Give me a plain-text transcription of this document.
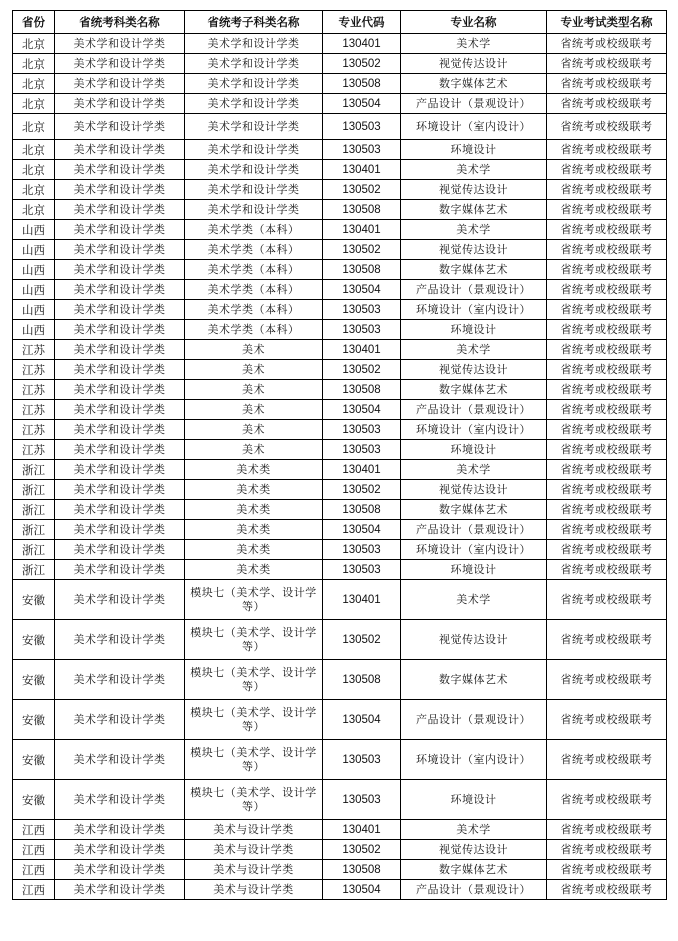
省份	省统考科类名称	省统考子科类名称	专业代码	专业名称	专业考试类型名称
北京	美术学和设计学类	美术学和设计学类	130401	美术学	省统考或校级联考
北京	美术学和设计学类	美术学和设计学类	130502	视觉传达设计	省统考或校级联考
北京	美术学和设计学类	美术学和设计学类	130508	数字媒体艺术	省统考或校级联考
北京	美术学和设计学类	美术学和设计学类	130504	产品设计（景观设计）	省统考或校级联考
北京	美术学和设计学类	美术学和设计学类	130503	环境设计（室内设计）	省统考或校级联考
北京	美术学和设计学类	美术学和设计学类	130503	环境设计	省统考或校级联考
北京	美术学和设计学类	美术学和设计学类	130401	美术学	省统考或校级联考
北京	美术学和设计学类	美术学和设计学类	130502	视觉传达设计	省统考或校级联考
北京	美术学和设计学类	美术学和设计学类	130508	数字媒体艺术	省统考或校级联考
山西	美术学和设计学类	美术学类（本科）	130401	美术学	省统考或校级联考
山西	美术学和设计学类	美术学类（本科）	130502	视觉传达设计	省统考或校级联考
山西	美术学和设计学类	美术学类（本科）	130508	数字媒体艺术	省统考或校级联考
山西	美术学和设计学类	美术学类（本科）	130504	产品设计（景观设计）	省统考或校级联考
山西	美术学和设计学类	美术学类（本科）	130503	环境设计（室内设计）	省统考或校级联考
山西	美术学和设计学类	美术学类（本科）	130503	环境设计	省统考或校级联考
江苏	美术学和设计学类	美术	130401	美术学	省统考或校级联考
江苏	美术学和设计学类	美术	130502	视觉传达设计	省统考或校级联考
江苏	美术学和设计学类	美术	130508	数字媒体艺术	省统考或校级联考
江苏	美术学和设计学类	美术	130504	产品设计（景观设计）	省统考或校级联考
江苏	美术学和设计学类	美术	130503	环境设计（室内设计）	省统考或校级联考
江苏	美术学和设计学类	美术	130503	环境设计	省统考或校级联考
浙江	美术学和设计学类	美术类	130401	美术学	省统考或校级联考
浙江	美术学和设计学类	美术类	130502	视觉传达设计	省统考或校级联考
浙江	美术学和设计学类	美术类	130508	数字媒体艺术	省统考或校级联考
浙江	美术学和设计学类	美术类	130504	产品设计（景观设计）	省统考或校级联考
浙江	美术学和设计学类	美术类	130503	环境设计（室内设计）	省统考或校级联考
浙江	美术学和设计学类	美术类	130503	环境设计	省统考或校级联考
安徽	美术学和设计学类	模块七（美术学、设计学等）	130401	美术学	省统考或校级联考
安徽	美术学和设计学类	模块七（美术学、设计学等）	130502	视觉传达设计	省统考或校级联考
安徽	美术学和设计学类	模块七（美术学、设计学等）	130508	数字媒体艺术	省统考或校级联考
安徽	美术学和设计学类	模块七（美术学、设计学等）	130504	产品设计（景观设计）	省统考或校级联考
安徽	美术学和设计学类	模块七（美术学、设计学等）	130503	环境设计（室内设计）	省统考或校级联考
安徽	美术学和设计学类	模块七（美术学、设计学等）	130503	环境设计	省统考或校级联考
江西	美术学和设计学类	美术与设计学类	130401	美术学	省统考或校级联考
江西	美术学和设计学类	美术与设计学类	130502	视觉传达设计	省统考或校级联考
江西	美术学和设计学类	美术与设计学类	130508	数字媒体艺术	省统考或校级联考
江西	美术学和设计学类	美术与设计学类	130504	产品设计（景观设计）	省统考或校级联考
